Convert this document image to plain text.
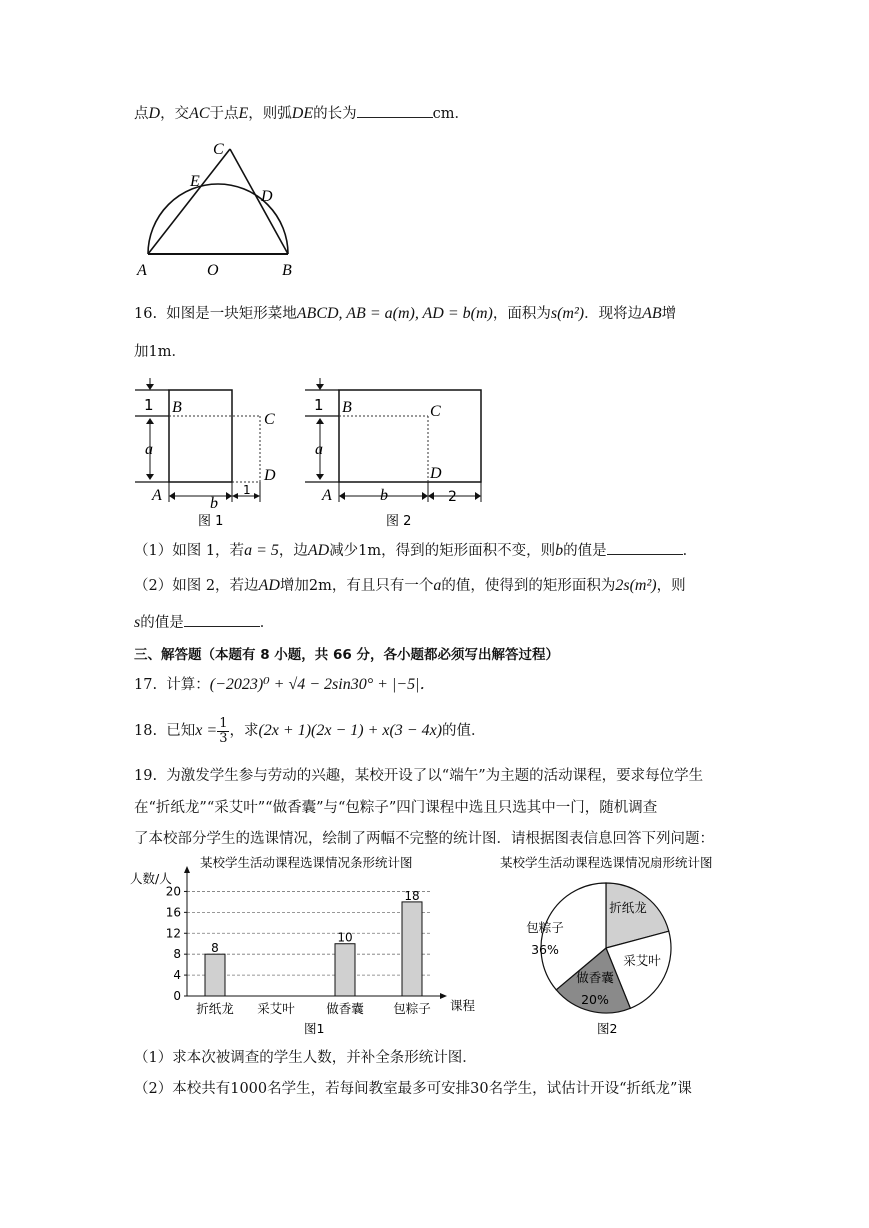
点D，交AC于点E，则弧DE的长为	cm．
C
E
D
A	O	B
16. 如图是一块矩形菜地ABCD, AB = a(m), AD = b(m)，面积为s(m²)．现将边AB增
加1m．
1 B
C
a
D
A	b
1
图 1
1 B	C
a
D
A	b	2
图 2
（1）如图 1，若a = 5，边AD减少1m，得到的矩形面积不变，则b的值是	．
（2）如图 2，若边AD增加2m，有且只有一个a的值，使得到的矩形面积为2s(m²)，则
s的值是	．
三、解答题（本题有 8 小题，共 66 分，各小题都必须写出解答过程）
17. 计算：(−2023)⁰ + √4 − 2sin30° + |−5|．
18. 已知$x = \frac{1}{3}$ ，求(2x + 1)(2x − 1) + x(3 − 4x)的值．
19. 为激发学生参与劳动的兴趣，某校开设了以“端午”为主题的活动课程，要求每位学生
在“折纸龙”“采艾叶”“做香囊”与“包粽子”四门课程中选且只选其中一门，随机调查
了本校部分学生的选课情况，绘制了两幅不完整的统计图．请根据图表信息回答下列问题：
某校学生活动课程选课情况条形统计图
人数/人
课程
图1
0
4
8
12
16
20
折纸龙
8
采艾叶	做香囊
10
包粽子
18
某校学生活动课程选课情况扇形统计图
图2
折纸龙
采艾叶
做香囊
20%
包粽子
36%
（1）求本次被调查的学生人数，并补全条形统计图．
（2）本校共有1000名学生，若每间教室最多可安排30名学生，试估计开设“折纸龙”课
